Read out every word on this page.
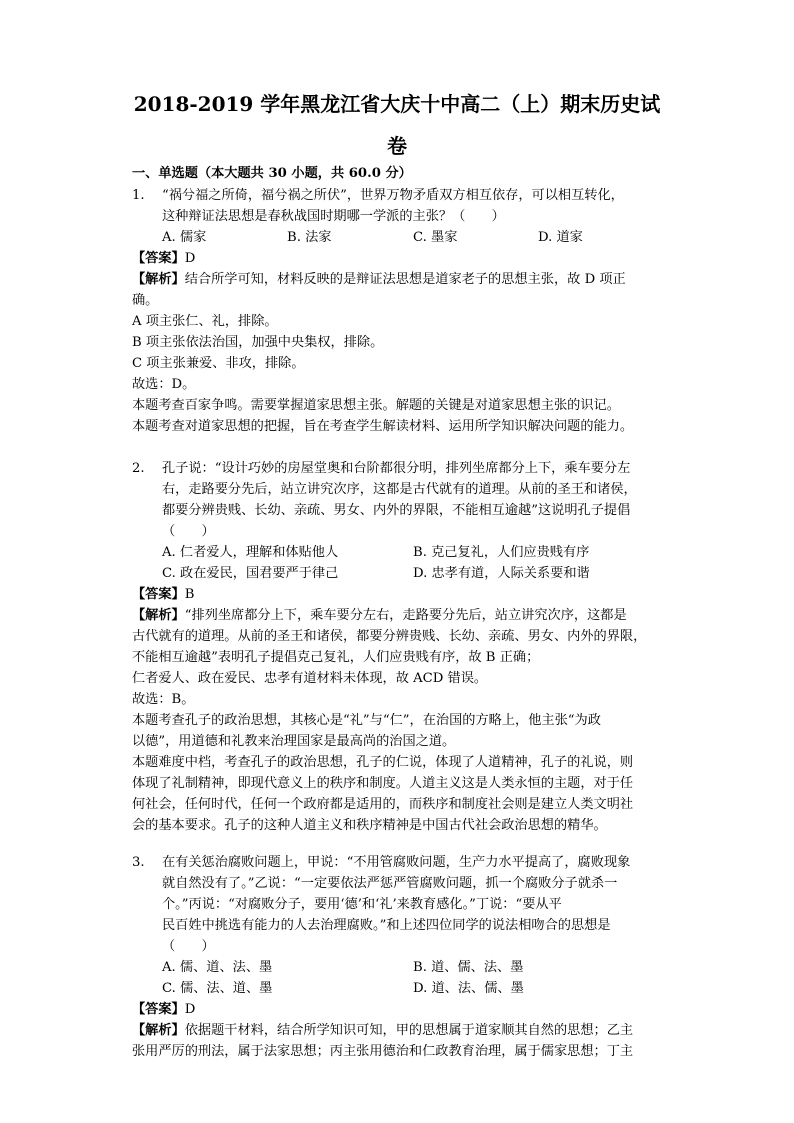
2018-2019 学年黑龙江省大庆十中高二（上）期末历史试
卷
一、单选题（本大题共 30 小题，共 60.0 分）
1. “祸兮福之所倚，福兮祸之所伏”，世界万物矛盾双方相互依存，可以相互转化，
这种辩证法思想是春秋战国时期哪一学派的主张？（　　）
A. 儒家	B. 法家	C. 墨家	D. 道家
【答案】D
【解析】结合所学可知，材料反映的是辩证法思想是道家老子的思想主张，故 D 项正
确。
A 项主张仁、礼，排除。
B 项主张依法治国，加强中央集权，排除。
C 项主张兼爱、非攻，排除。
故选：D。
本题考查百家争鸣。需要掌握道家思想主张。解题的关键是对道家思想主张的识记。
本题考查对道家思想的把握，旨在考查学生解读材料、运用所学知识解决问题的能力。
2. 孔子说：“设计巧妙的房屋堂奥和台阶都很分明，排列坐席都分上下，乘车要分左
右，走路要分先后，站立讲究次序，这都是古代就有的道理。从前的圣王和诸侯，
都要分辨贵贱、长幼、亲疏、男女、内外的界限，不能相互逾越”这说明孔子提倡
（　　）
A. 仁者爱人，理解和体贴他人	B. 克己复礼，人们应贵贱有序
C. 政在爱民，国君要严于律己	D. 忠孝有道，人际关系要和谐
【答案】B
【解析】“排列坐席都分上下，乘车要分左右，走路要分先后，站立讲究次序，这都是
古代就有的道理。从前的圣王和诸侯，都要分辨贵贱、长幼、亲疏、男女、内外的界限，
不能相互逾越”表明孔子提倡克己复礼，人们应贵贱有序，故 B 正确；
仁者爱人、政在爱民、忠孝有道材料未体现，故 ACD 错误。
故选：B。
本题考查孔子的政治思想，其核心是“礼”与“仁”，在治国的方略上，他主张“为政
以德”，用道德和礼教来治理国家是最高尚的治国之道。
本题难度中档，考查孔子的政治思想，孔子的仁说，体现了人道精神，孔子的礼说，则
体现了礼制精神，即现代意义上的秩序和制度。人道主义这是人类永恒的主题，对于任
何社会，任何时代，任何一个政府都是适用的，而秩序和制度社会则是建立人类文明社
会的基本要求。孔子的这种人道主义和秩序精神是中国古代社会政治思想的精华。
3. 在有关惩治腐败问题上，甲说：“不用管腐败问题，生产力水平提高了，腐败现象
就自然没有了。”乙说：“一定要依法严惩严管腐败问题，抓一个腐败分子就杀一
个。”丙说：“对腐败分子，要用‘德’和‘礼’来教育感化。”丁说：“要从平
民百姓中挑选有能力的人去治理腐败。”和上述四位同学的说法相吻合的思想是
（　　）
A. 儒、道、法、墨	B. 道、儒、法、墨
C. 儒、法、道、墨	D. 道、法、儒、墨
【答案】D
【解析】依据题干材料，结合所学知识可知，甲的思想属于道家顺其自然的思想；乙主
张用严厉的刑法，属于法家思想；丙主张用德治和仁政教育治理，属于儒家思想；丁主
